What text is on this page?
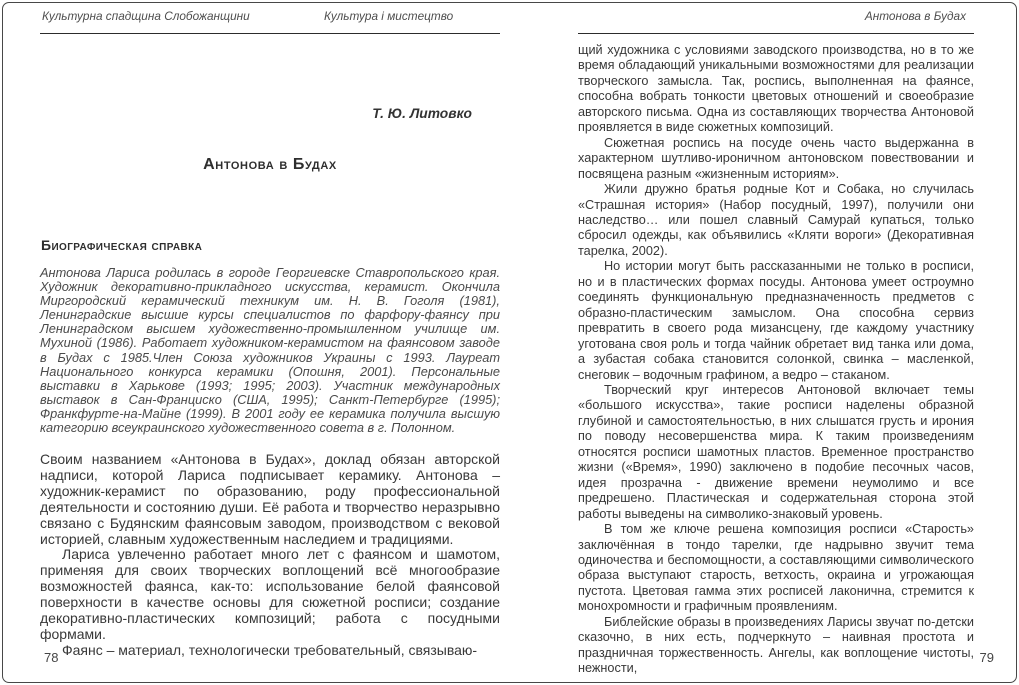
Культурна спадщина Слобожанщини	Культура і мистецтво
Т. Ю. Литовко
Антонова в Будах
Биографическая справка
Антонова Лариса родилась в городе Георгиевске Ставропольского края. Художник декоративно-прикладного искусства, керамист. Окончила Миргородский керамический техникум им. Н. В. Гоголя (1981), Ленинградские высшие курсы специалистов по фарфору-фаянсу при Ленинградском высшем художественно-промышленном училище им. Мухиной (1986). Работает художником-керамистом на фаянсовом заводе в Будах с 1985.Член Союза художников Украины с 1993. Лауреат Национального конкурса керамики (Опошня, 2001). Персональные выставки в Харькове (1993; 1995; 2003). Участник международных выставок в Сан-Франциско (США, 1995); Санкт-Петербурге (1995); Франкфурте-на-Майне (1999). В 2001 году ее керамика получила высшую категорию всеукраинского художественного совета в г. Полонном.

Своим названием «Антонова в Будах», доклад обязан авторской надписи, которой Лариса подписывает керамику. Антонова – художник-керамист по образованию, роду профессиональной деятельности и состоянию души. Её работа и творчество неразрывно связано с Будянским фаянсовым заводом, производством с вековой историей, славным художественным наследием и традициями.

Лариса увлеченно работает много лет с фаянсом и шамотом, применяя для своих творческих воплощений всё многообразие возможностей фаянса, как-то: использование белой фаянсовой поверхности в качестве основы для сюжетной росписи; создание декоративно-пластических композиций; работа с посудными формами.

Фаянс – материал, технологически требовательный, связываю-

78
Антонова в Будах

щий художника с условиями заводского производства, но в то же время обладающий уникальными возможностями для реализации творческого замысла. Так, роспись, выполненная на фаянсе, способна вобрать тонкости цветовых отношений и своеобразие авторского письма. Одна из составляющих творчества Антоновой проявляется в виде сюжетных композиций.

Сюжетная роспись на посуде очень часто выдержанна в характерном шутливо-ироничном антоновском повествовании и посвящена разным «жизненным историям».

Жили дружно братья родные Кот и Собака, но случилась «Страшная история» (Набор посудный, 1997), получили они наследство… или пошел славный Самурай купаться, только сбросил одежды, как объявились «Кляти вороги» (Декоративная тарелка, 2002).

Но истории могут быть рассказанными не только в росписи, но и в пластических формах посуды. Антонова умеет остроумно соединять функциональную предназначенность предметов с образно-пластическим замыслом. Она способна сервиз превратить в своего рода мизансцену, где каждому участнику уготована своя роль и тогда чайник обретает вид танка или дома, а зубастая собака становится солонкой, свинка – масленкой, снеговик – водочным графином, а ведро – стаканом.

Творческий круг интересов Антоновой включает темы «большого искусства», такие росписи наделены образной глубиной и самостоятельностью, в них слышатся грусть и ирония по поводу несовершенства мира. К таким произведениям относятся росписи шамотных пластов. Временное пространство жизни («Время», 1990) заключено в подобие песочных часов, идея прозрачна - движение времени неумолимо и все предрешено. Пластическая и содержательная сторона этой работы выведены на символико-знаковый уровень.

В том же ключе решена композиция росписи «Старость» заключённая в тондо тарелки, где надрывно звучит тема одиночества и беспомощности, а составляющими символического образа выступают старость, ветхость, окраина и угрожающая пустота. Цветовая гамма этих росписей лаконична, стремится к монохромности и графичным проявлениям.

Библейские образы в произведениях Ларисы звучат по-детски сказочно, в них есть, подчеркнуто – наивная простота и праздничная торжественность. Ангелы, как воплощение чистоты, нежности,

79
